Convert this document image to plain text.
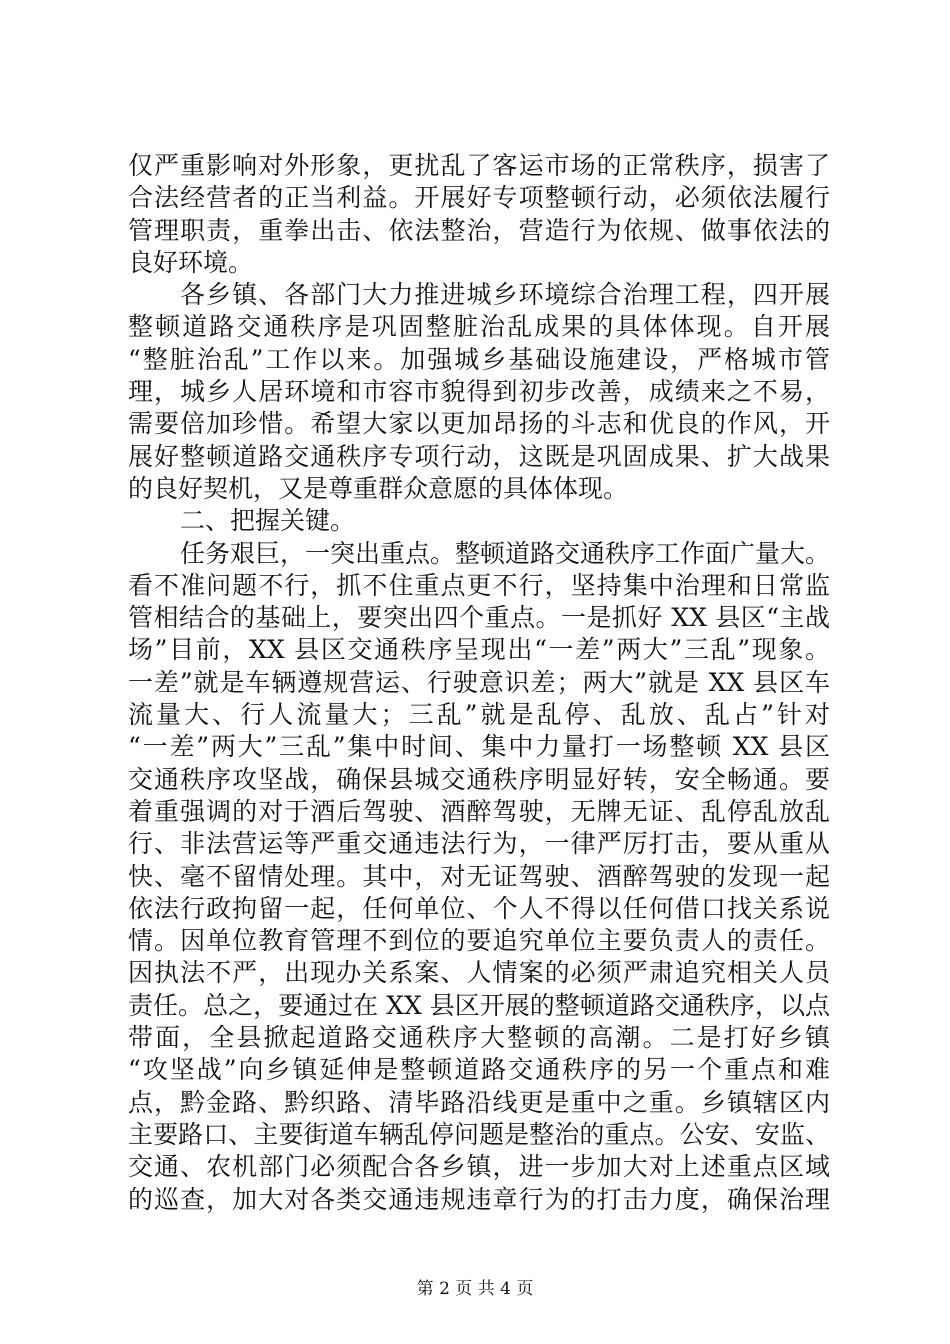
仅严重影响对外形象，更扰乱了客运市场的正常秩序，损害了
合法经营者的正当利益。开展好专项整顿行动，必须依法履行
管理职责，重拳出击、依法整治，营造行为依规、做事依法的
良好环境。
各乡镇、各部门大力推进城乡环境综合治理工程，四开展
整顿道路交通秩序是巩固整脏治乱成果的具体体现。自开展
“整脏治乱”工作以来。加强城乡基础设施建设，严格城市管
理，城乡人居环境和市容市貌得到初步改善，成绩来之不易，
需要倍加珍惜。希望大家以更加昂扬的斗志和优良的作风，开
展好整顿道路交通秩序专项行动，这既是巩固成果、扩大战果
的良好契机，又是尊重群众意愿的具体体现。
二、把握关键。
任务艰巨，一突出重点。整顿道路交通秩序工作面广量大。
看不准问题不行，抓不住重点更不行，坚持集中治理和日常监
管相结合的基础上，要突出四个重点。一是抓好 XX 县区“主战
场”目前，XX 县区交通秩序呈现出“一差”两大”三乱”现象。
一差”就是车辆遵规营运、行驶意识差；两大”就是 XX 县区车
流量大、行人流量大；三乱”就是乱停、乱放、乱占”针对
“一差”两大”三乱”集中时间、集中力量打一场整顿 XX 县区
交通秩序攻坚战，确保县城交通秩序明显好转，安全畅通。要
着重强调的对于酒后驾驶、酒醉驾驶，无牌无证、乱停乱放乱
行、非法营运等严重交通违法行为，一律严厉打击，要从重从
快、毫不留情处理。其中，对无证驾驶、酒醉驾驶的发现一起
依法行政拘留一起，任何单位、个人不得以任何借口找关系说
情。因单位教育管理不到位的要追究单位主要负责人的责任。
因执法不严，出现办关系案、人情案的必须严肃追究相关人员
责任。总之，要通过在 XX 县区开展的整顿道路交通秩序，以点
带面，全县掀起道路交通秩序大整顿的高潮。二是打好乡镇
“攻坚战”向乡镇延伸是整顿道路交通秩序的另一个重点和难
点，黔金路、黔织路、清毕路沿线更是重中之重。乡镇辖区内
主要路口、主要街道车辆乱停问题是整治的重点。公安、安监、
交通、农机部门必须配合各乡镇，进一步加大对上述重点区域
的巡查，加大对各类交通违规违章行为的打击力度，确保治理
第 2 页 共 4 页
